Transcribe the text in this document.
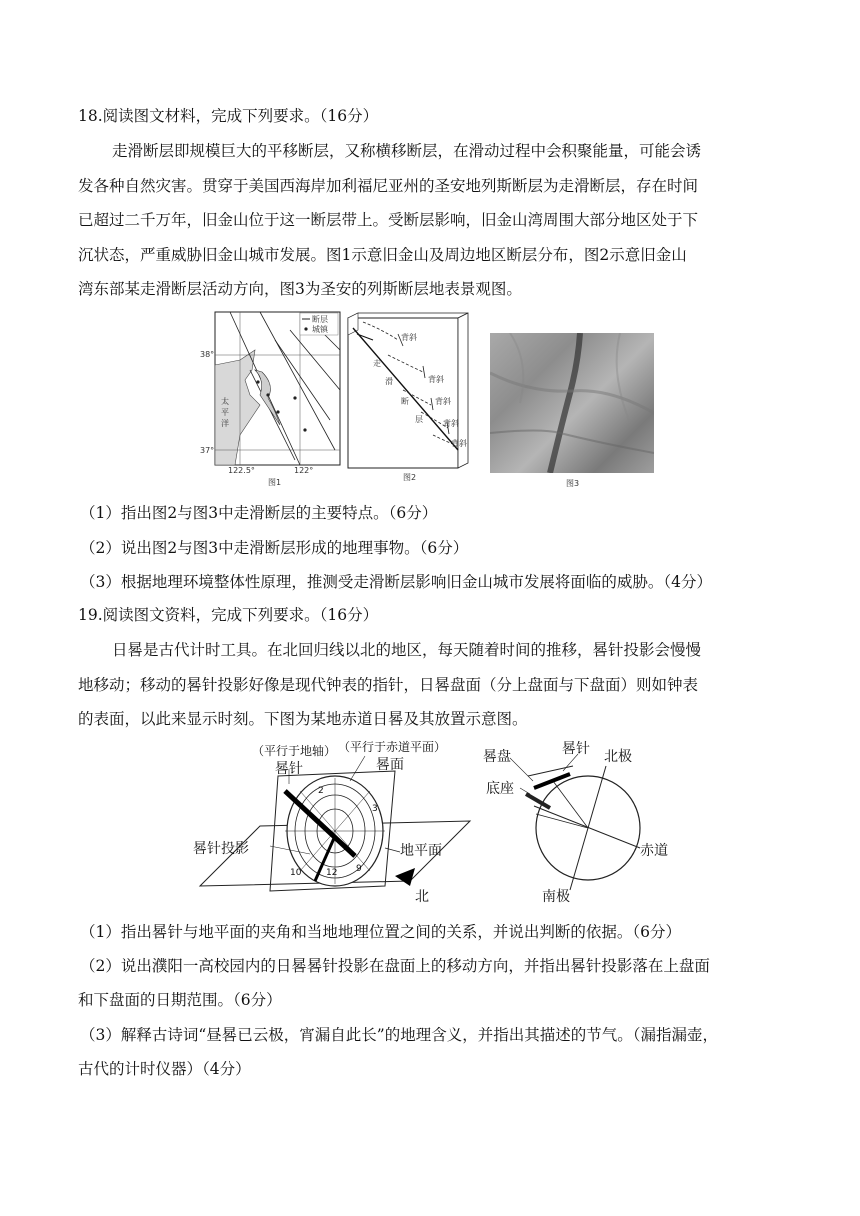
18.阅读图文材料，完成下列要求。（16分）
走滑断层即规模巨大的平移断层，又称横移断层，在滑动过程中会积聚能量，可能会诱
发各种自然灾害。贯穿于美国西海岸加利福尼亚州的圣安地列斯断层为走滑断层，存在时间
已超过二千万年，旧金山位于这一断层带上。受断层影响，旧金山湾周围大部分地区处于下
沉状态，严重威胁旧金山城市发展。图1示意旧金山及周边地区断层分布，图2示意旧金山
湾东部某走滑断层活动方向，图3为圣安的列斯断层地表景观图。
断层
城镇
38°
37°
122.5°	122°
太
平
洋
图1
背斜
背斜
背斜
背斜
背斜
走
滑
断
层
图2
图3
（1）指出图2与图3中走滑断层的主要特点。（6分）
（2）说出图2与图3中走滑断层形成的地理事物。（6分）
（3）根据地理环境整体性原理，推测受走滑断层影响旧金山城市发展将面临的威胁。（4分）
19.阅读图文资料，完成下列要求。（16分）
日晷是古代计时工具。在北回归线以北的地区，每天随着时间的推移，晷针投影会慢慢
地移动；移动的晷针投影好像是现代钟表的指针，日晷盘面（分上盘面与下盘面）则如钟表
的表面，以此来显示时刻。下图为某地赤道日晷及其放置示意图。
（平行于地轴） （平行于赤道平面）
晷针	晷面
晷针投影	地平面
北
12 9
10
2
3
晷盘	晷针
底座
北极
赤道
南极
（1）指出晷针与地平面的夹角和当地地理位置之间的关系，并说出判断的依据。（6分）
（2）说出濮阳一高校园内的日晷晷针投影在盘面上的移动方向，并指出晷针投影落在上盘面
和下盘面的日期范围。（6分）
（3）解释古诗词“昼晷已云极，宵漏自此长”的地理含义，并指出其描述的节气。（漏指漏壶，
古代的计时仪器）（4分）
